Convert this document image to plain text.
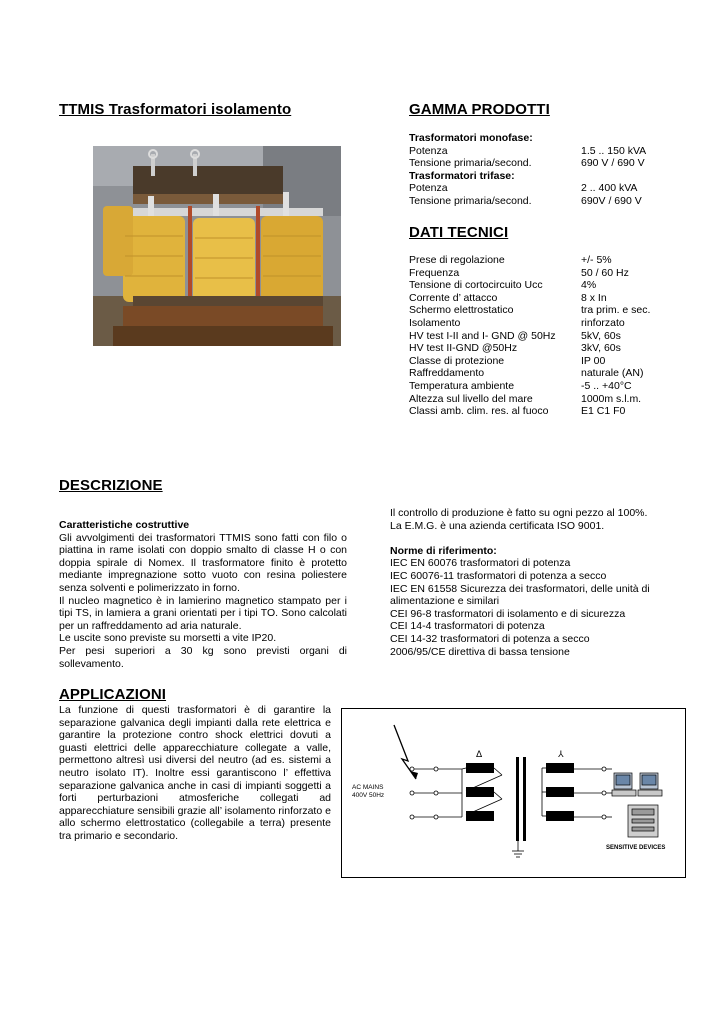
TTMIS Trasformatori isolamento	GAMMA PRODOTTI
Trasformatori monofase:
Potenza	1.5 .. 150 kVA
Tensione primaria/second.	690 V / 690 V
Trasformatori trifase:
Potenza	2 .. 400 kVA
Tensione primaria/second.	690V / 690 V
DATI TECNICI
Prese di regolazione	+/- 5%
Frequenza	50 / 60 Hz
Tensione di cortocircuito Ucc	4%
Corrente d’ attacco	8 x In
Schermo elettrostatico	tra prim. e sec.
Isolamento	rinforzato
HV test I-II and I- GND @ 50Hz	5kV, 60s
HV test II-GND @50Hz	3kV, 60s
Classe di protezione	IP 00
Raffreddamento	naturale (AN)
Temperatura ambiente	-5 .. +40°C
Altezza sul livello del mare	1000m s.l.m.
Classi amb. clim. res. al fuoco	E1 C1 F0
DESCRIZIONE
Caratteristiche costruttive

Gli avvolgimenti dei trasformatori TTMIS sono fatti con filo o piattina in rame isolati con doppio smalto di classe H o con doppia spirale di Nomex. Il trasformatore finito è protetto mediante impregnazione sotto vuoto con resina poliestere senza solventi e polimerizzato in forno.

Il nucleo magnetico è in lamierino magnetico stampato per i tipi TS, in lamiera a grani orientati per i tipi TO. Sono calcolati per un raffreddamento ad aria naturale.

Le uscite sono previste su morsetti a vite IP20.

Per pesi superiori a 30 kg sono previsti organi di sollevamento.

Il controllo di produzione è fatto su ogni pezzo al 100%.
La E.M.G. è una azienda certificata ISO 9001.
Norme di riferimento:
IEC EN 60076 trasformatori di potenza
IEC 60076-11 trasformatori di potenza a secco
IEC EN 61558 Sicurezza dei trasformatori, delle unità di alimentazione e similari
CEI 96-8 trasformatori di isolamento e di sicurezza
CEI 14-4 trasformatori di potenza
CEI 14-32 trasformatori di potenza a secco
2006/95/CE direttiva di bassa tensione
APPLICAZIONI
La funzione di questi trasformatori è di garantire la separazione galvanica degli impianti dalla rete elettrica e garantire la protezione contro shock elettrici dovuti a guasti elettrici delle apparecchiature collegate a valle, permettono altresì usi diversi del neutro (ad es. sistemi a neutro isolato IT). Inoltre essi garantiscono l’ effettiva separazione galvanica anche in casi di impianti soggetti a forti perturbazioni atmosferiche collegati ad apparecchiature sensibili grazie all’ isolamento rinforzato e allo schermo elettrostatico (collegabile a terra) presente tra primario e secondario.
Δ	⅄
AC MAINS
400V 50Hz
SENSITIVE DEVICES
